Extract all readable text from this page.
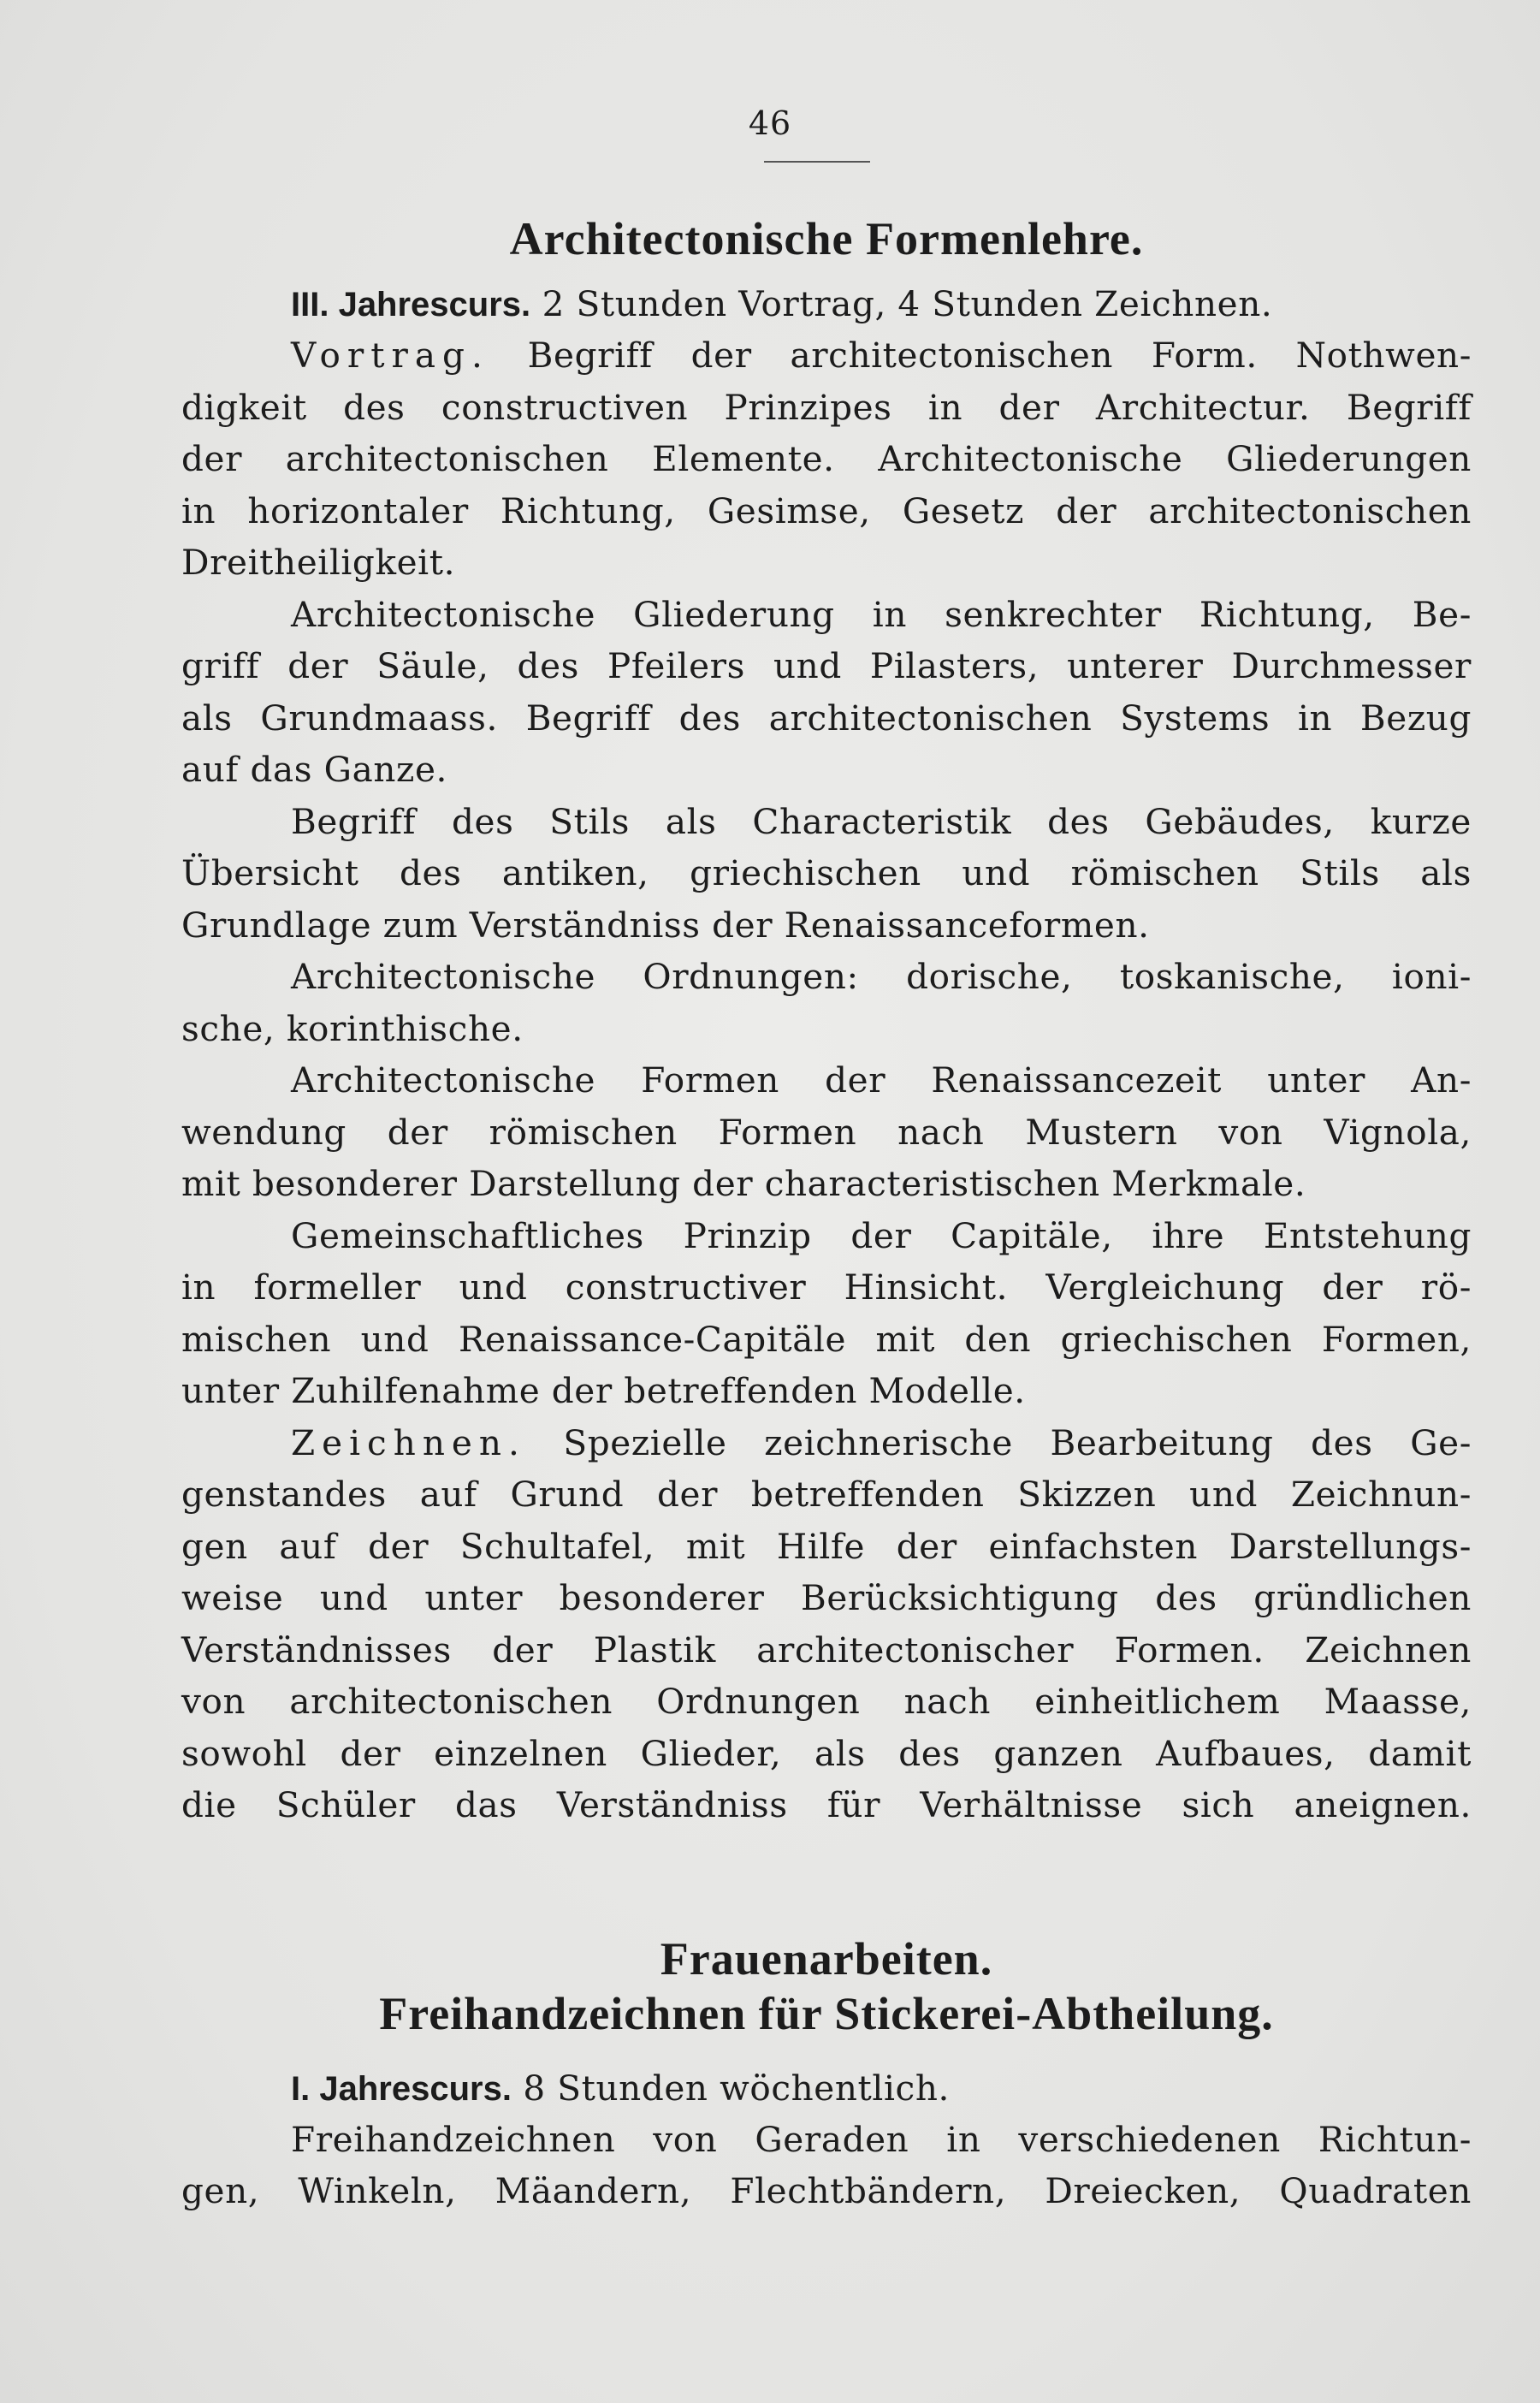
46
Architectonische Formenlehre.
III. Jahrescurs. 2 Stunden Vortrag, 4 Stunden Zeichnen.
Vortrag. Begriff der architectonischen Form. Nothwen-
digkeit des constructiven Prinzipes in der Architectur. Begriff
der architectonischen Elemente. Architectonische Gliederungen
in horizontaler Richtung, Gesimse, Gesetz der architectonischen
Dreitheiligkeit.
Architectonische Gliederung in senkrechter Richtung, Be-
griff der Säule, des Pfeilers und Pilasters, unterer Durchmesser
als Grundmaass. Begriff des architectonischen Systems in Bezug
auf das Ganze.
Begriff des Stils als Characteristik des Gebäudes, kurze
Übersicht des antiken, griechischen und römischen Stils als
Grundlage zum Verständniss der Renaissanceformen.
Architectonische Ordnungen: dorische, toskanische, ioni-
sche, korinthische.
Architectonische Formen der Renaissancezeit unter An-
wendung der römischen Formen nach Mustern von Vignola,
mit besonderer Darstellung der characteristischen Merkmale.
Gemeinschaftliches Prinzip der Capitäle, ihre Entstehung
in formeller und constructiver Hinsicht. Vergleichung der rö-
mischen und Renaissance-Capitäle mit den griechischen Formen,
unter Zuhilfenahme der betreffenden Modelle.
Zeichnen. Spezielle zeichnerische Bearbeitung des Ge-
genstandes auf Grund der betreffenden Skizzen und Zeichnun-
gen auf der Schultafel, mit Hilfe der einfachsten Darstellungs-
weise und unter besonderer Berücksichtigung des gründlichen
Verständnisses der Plastik architectonischer Formen. Zeichnen
von architectonischen Ordnungen nach einheitlichem Maasse,
sowohl der einzelnen Glieder, als des ganzen Aufbaues, damit
die Schüler das Verständniss für Verhältnisse sich aneignen.
Frauenarbeiten.
Freihandzeichnen für Stickerei-Abtheilung.
I. Jahrescurs. 8 Stunden wöchentlich.
Freihandzeichnen von Geraden in verschiedenen Richtun-
gen, Winkeln, Mäandern, Flechtbändern, Dreiecken, Quadraten
